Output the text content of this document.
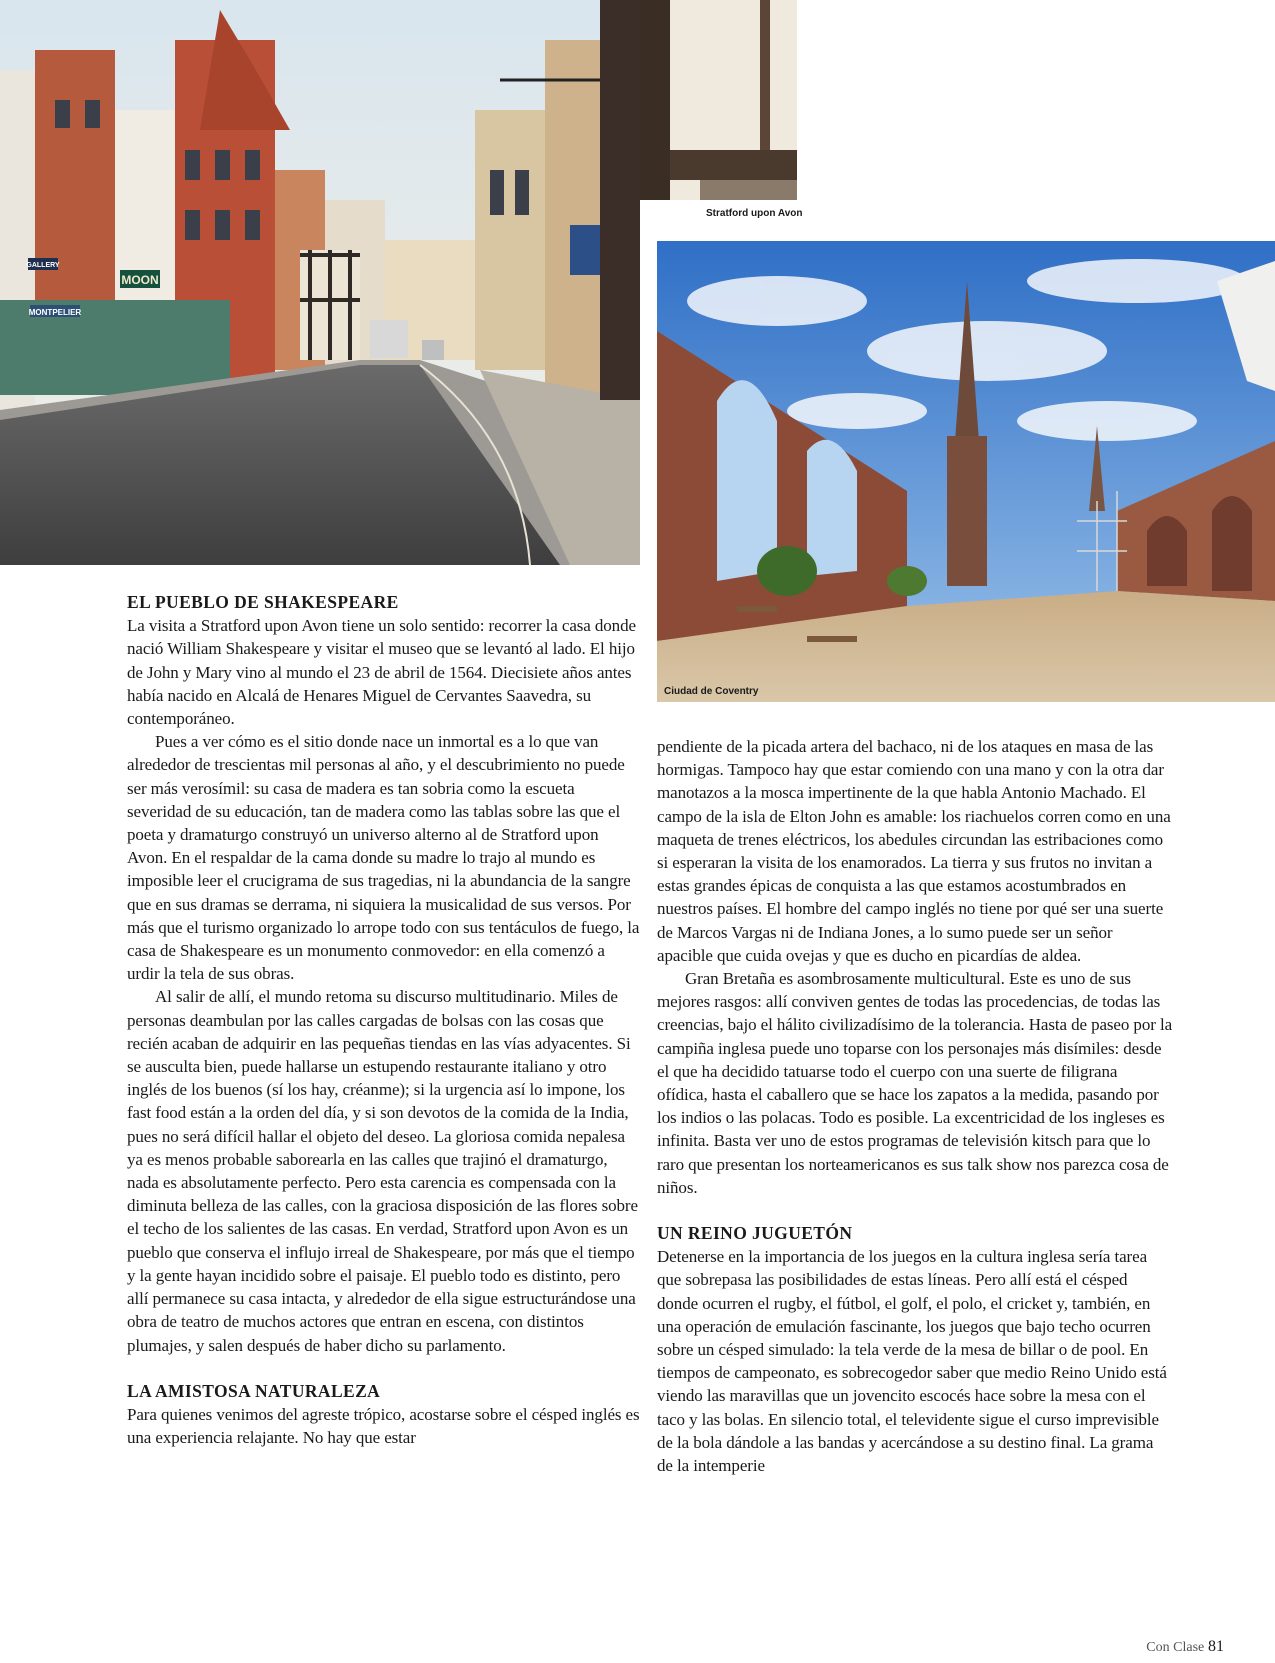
MOON
MONTPELIER
GALLERY
Stratford upon Avon
Ciudad de Coventry
EL PUEBLO DE SHAKESPEARE

La visita a Stratford upon Avon tiene un solo sentido: recorrer la casa donde nació William Shakespeare y visitar el museo que se levantó al lado. El hijo de John y Mary vino al mundo el 23 de abril de 1564. Diecisiete años antes había nacido en Alcalá de Henares Miguel de Cervantes Saavedra, su contemporáneo.

Pues a ver cómo es el sitio donde nace un inmortal es a lo que van alrededor de trescientas mil personas al año, y el descubrimiento no puede ser más verosímil: su casa de madera es tan sobria como la escueta severidad de su educación, tan de madera como las tablas sobre las que el poeta y dramaturgo construyó un universo alterno al de Stratford upon Avon. En el respaldar de la cama donde su madre lo trajo al mundo es imposible leer el crucigrama de sus tragedias, ni la abundancia de la sangre que en sus dramas se derrama, ni siquiera la musicalidad de sus versos. Por más que el turismo organizado lo arrope todo con sus tentáculos de fuego, la casa de Shakespeare es un monumento conmovedor: en ella comenzó a urdir la tela de sus obras.

Al salir de allí, el mundo retoma su discurso multitudinario. Miles de personas deambulan por las calles cargadas de bolsas con las cosas que recién acaban de adquirir en las pequeñas tiendas en las vías adyacentes. Si se ausculta bien, puede hallarse un estupendo restaurante italiano y otro inglés de los buenos (sí los hay, créanme); si la urgencia así lo impone, los fast food están a la orden del día, y si son devotos de la comida de la India, pues no será difícil hallar el objeto del deseo. La gloriosa comida nepalesa ya es menos probable saborearla en las calles que trajinó el dramaturgo, nada es absolutamente perfecto. Pero esta carencia es compensada con la diminuta belleza de las calles, con la graciosa disposición de las flores sobre el techo de los salientes de las casas. En verdad, Stratford upon Avon es un pueblo que conserva el influjo irreal de Shakespeare, por más que el tiempo y la gente hayan incidido sobre el paisaje. El pueblo todo es distinto, pero allí permanece su casa intacta, y alrededor de ella sigue estructurándose una obra de teatro de muchos actores que entran en escena, con distintos plumajes, y salen después de haber dicho su parlamento.

LA AMISTOSA NATURALEZA

Para quienes venimos del agreste trópico, acostarse sobre el césped inglés es una experiencia relajante. No hay que estar

pendiente de la picada artera del bachaco, ni de los ataques en masa de las hormigas. Tampoco hay que estar comiendo con una mano y con la otra dar manotazos a la mosca impertinente de la que habla Antonio Machado. El campo de la isla de Elton John es amable: los riachuelos corren como en una maqueta de trenes eléctricos, los abedules circundan las estribaciones como si esperaran la visita de los enamorados. La tierra y sus frutos no invitan a estas grandes épicas de conquista a las que estamos acostumbrados en nuestros países. El hombre del campo inglés no tiene por qué ser una suerte de Marcos Vargas ni de Indiana Jones, a lo sumo puede ser un señor apacible que cuida ovejas y que es ducho en picardías de aldea.

Gran Bretaña es asombrosamente multicultural. Este es uno de sus mejores rasgos: allí conviven gentes de todas las procedencias, de todas las creencias, bajo el hálito civilizadísimo de la tolerancia. Hasta de paseo por la campiña inglesa puede uno toparse con los personajes más disímiles: desde el que ha decidido tatuarse todo el cuerpo con una suerte de filigrana ofídica, hasta el caballero que se hace los zapatos a la medida, pasando por los indios o las polacas. Todo es posible. La excentricidad de los ingleses es infinita. Basta ver uno de estos programas de televisión kitsch para que lo raro que presentan los norteamericanos es sus talk show nos parezca cosa de niños.

UN REINO JUGUETÓN

Detenerse en la importancia de los juegos en la cultura inglesa sería tarea que sobrepasa las posibilidades de estas líneas. Pero allí está el césped donde ocurren el rugby, el fútbol, el golf, el polo, el cricket y, también, en una operación de emulación fascinante, los juegos que bajo techo ocurren sobre un césped simulado: la tela verde de la mesa de billar o de pool. En tiempos de campeonato, es sobrecogedor saber que medio Reino Unido está viendo las maravillas que un jovencito escocés hace sobre la mesa con el taco y las bolas. En silencio total, el televidente sigue el curso imprevisible de la bola dándole a las bandas y acercándose a su destino final. La grama de la intemperie

Con Clase 81
